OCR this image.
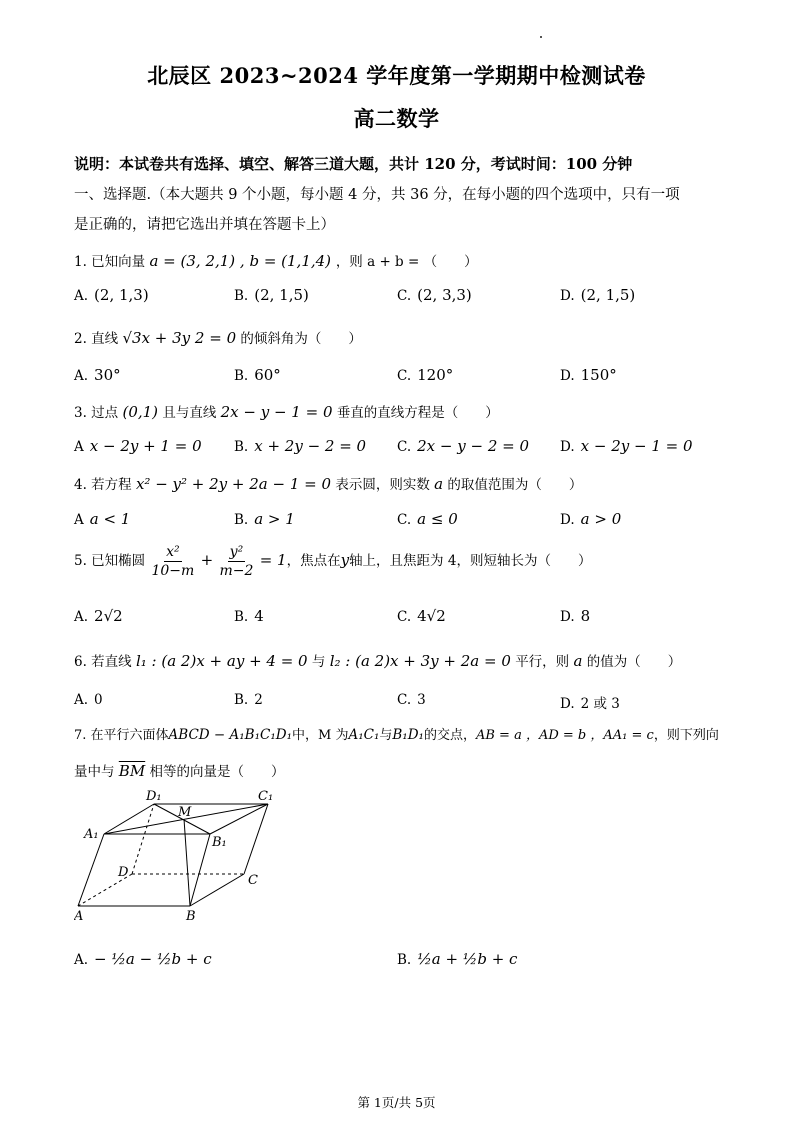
北辰区 2023~2024 学年度第一学期期中检测试卷
高二数学
说明：本试卷共有选择、填空、解答三道大题，共计 120 分，考试时间：100 分钟
一、选择题.（本大题共 9 个小题，每小题 4 分，共 36 分，在每小题的四个选项中，只有一项
是正确的，请把它选出并填在答题卡上）
1. 已知向量 a = (3, 2,1) , b = (1,1,4) ，则 a + b = （　　）
A. (2, 1,3)	B. (2, 1,5)	C. (2, 3,3)	D. (2, 1,5)
2. 直线 √3x + 3y 2 = 0 的倾斜角为（　　）
A. 30°	B. 60°	C. 120°	D. 150°
3. 过点 (0,1) 且与直线 2x − y − 1 = 0 垂直的直线方程是（　　）
A x − 2y + 1 = 0 B. x + 2y − 2 = 0 C. 2x − y − 2 = 0 D. x − 2y − 1 = 0
4. 若方程 x² − y² + 2y + 2a − 1 = 0 表示圆，则实数 a 的取值范围为（　　）
A a < 1	B. a > 1	C. a ≤ 0	D. a > 0
5. 已知椭圆 $\frac{\text{x²}}{10-m} + \frac{\text{y²}}{m-2} = 1$，焦点在y轴上，且焦距为 4，则短轴长为（　　）
A. 2√2	B. 4	C. 4√2	D. 8
6. 若直线 l₁ : (a 2)x + ay + 4 = 0 与 l₂ : (a 2)x + 3y + 2a = 0 平行，则 a 的值为（　　）
A. 0	B. 2	C. 3	D. 2 或 3
7. 在平行六面体ABCD − A₁B₁C₁D₁中，M 为A₁C₁与B₁D₁的交点，AB = a ，AD = b ，AA₁ = c，则下列向
量中与 $\overline{BM}$ 相等的向量是（　　）
D₁
M
C₁
A₁
B₁
D
C
A	B
A. − ½a − ½b + c	B. ½a + ½b + c
第 1页/共 5页
